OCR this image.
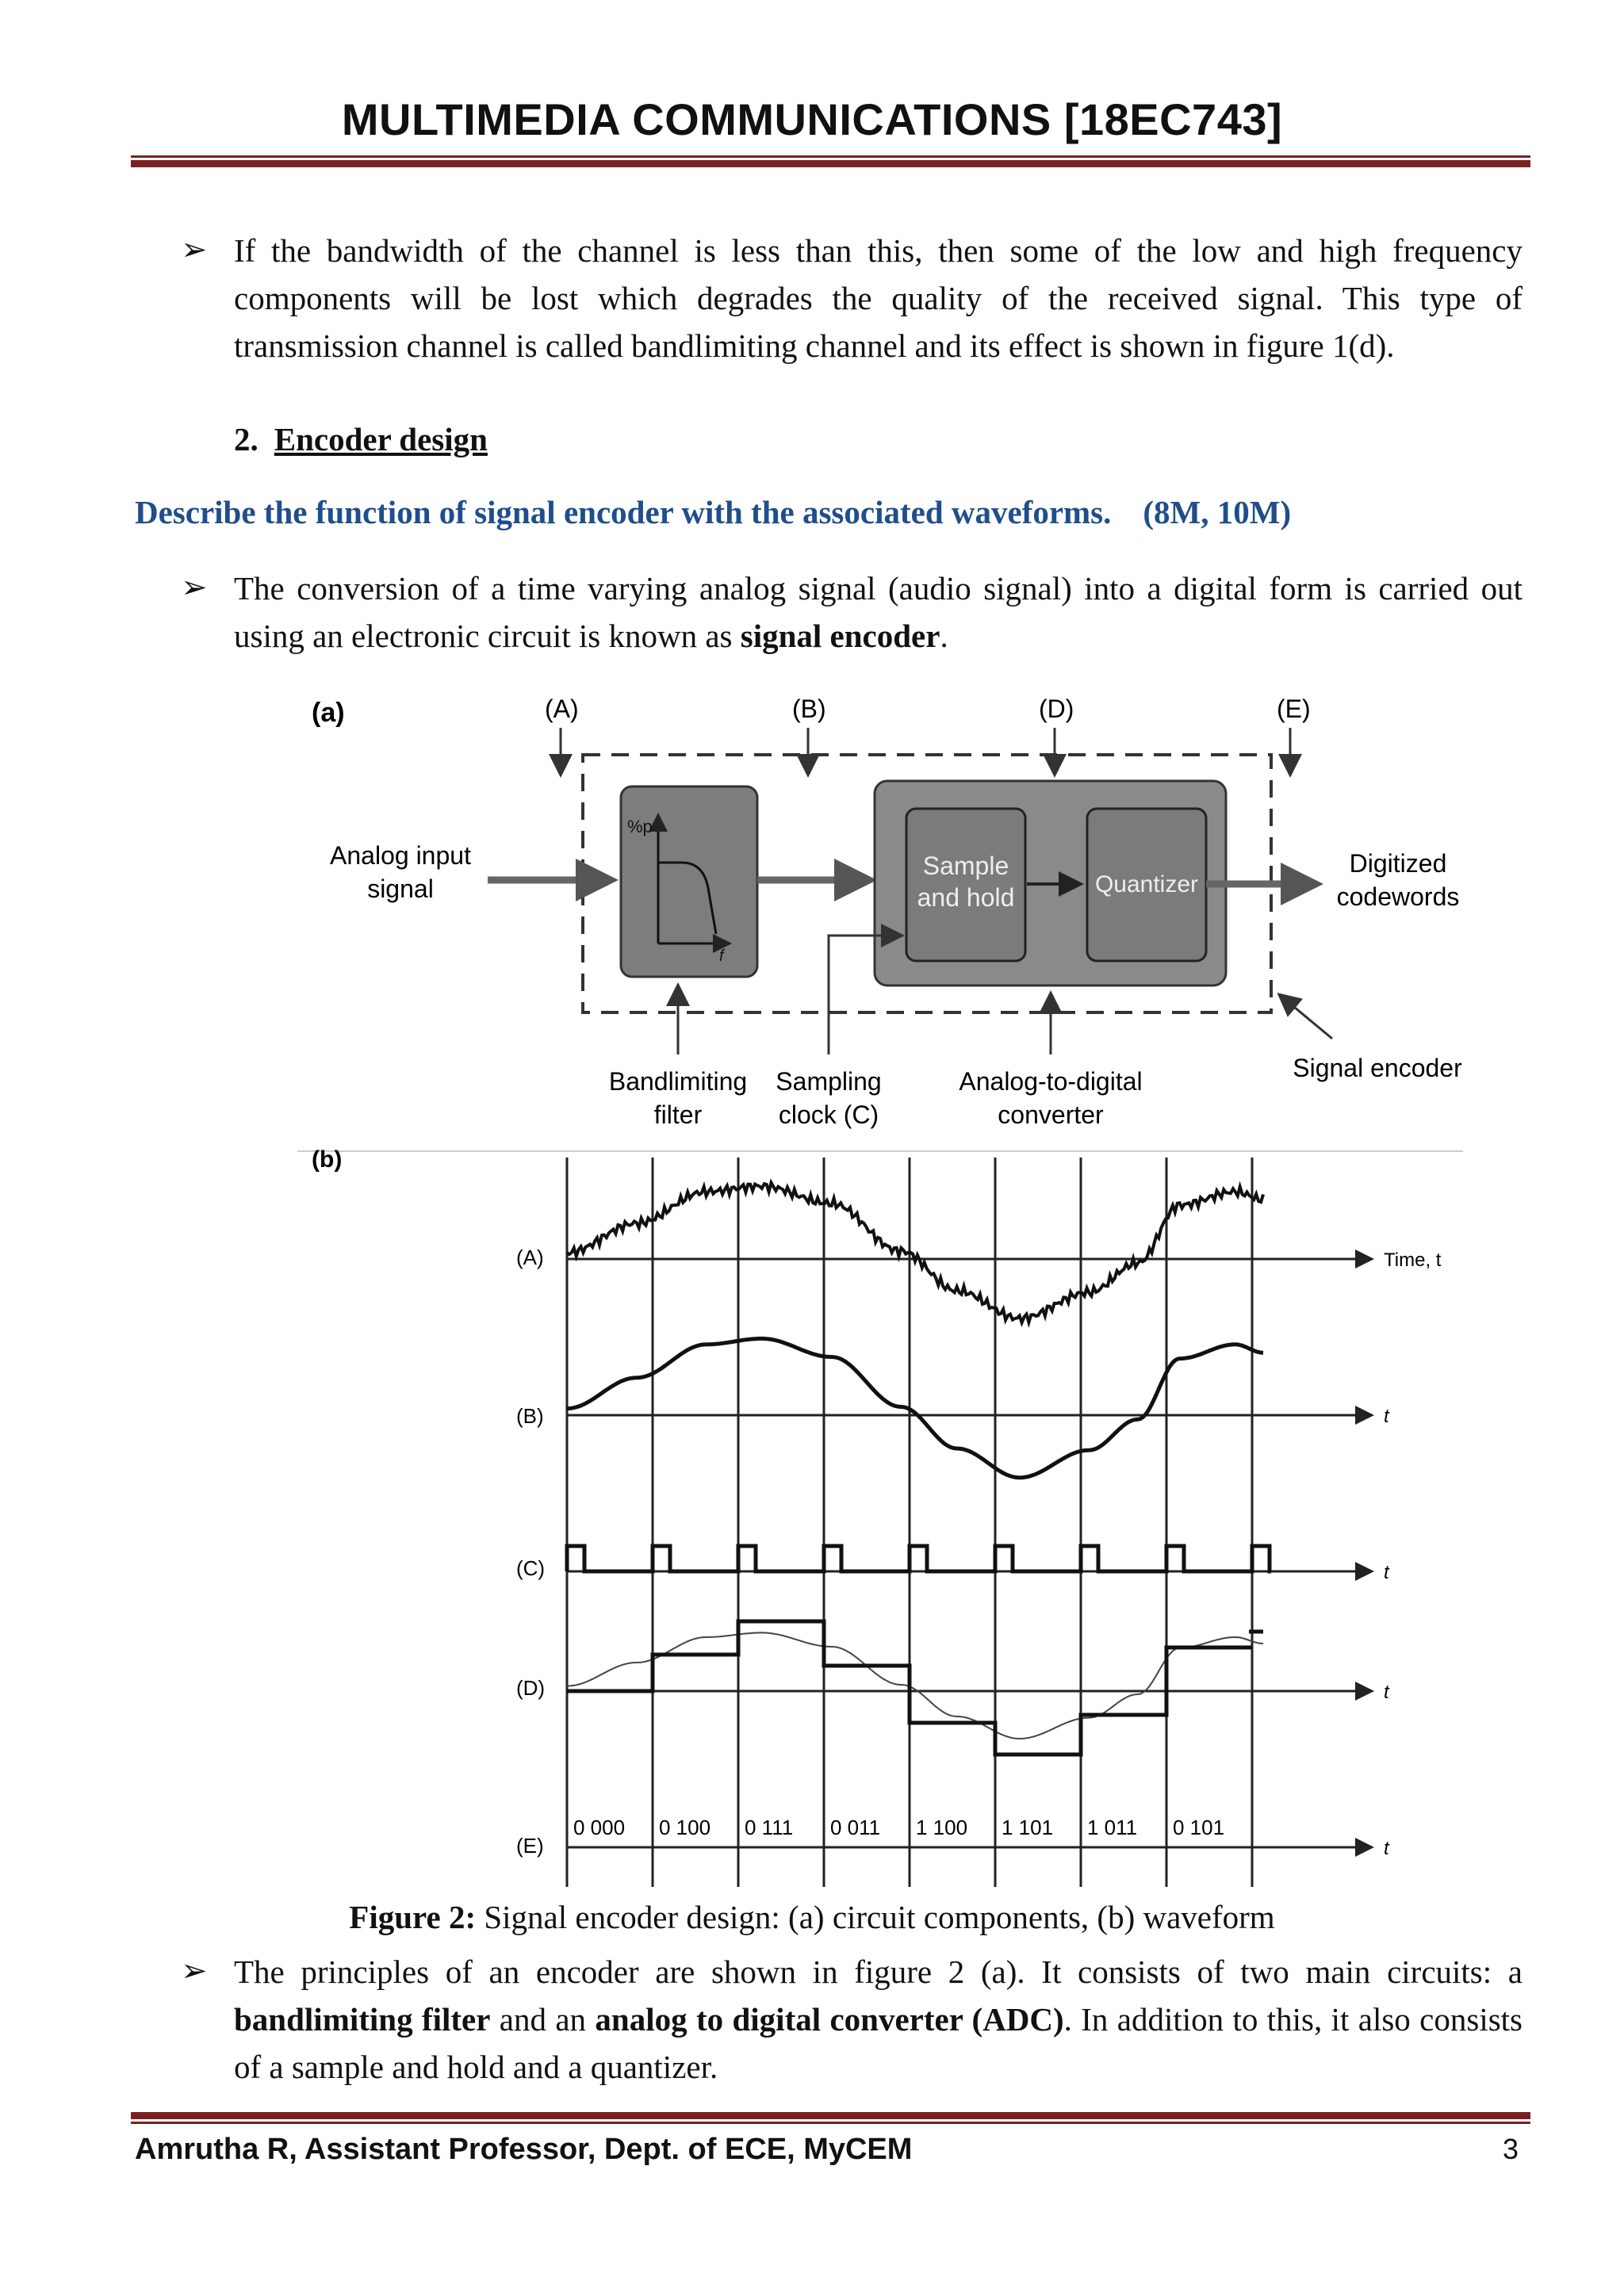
MULTIMEDIA COMMUNICATIONS [18EC743]
➢ If the bandwidth of the channel is less than this, then some of the low and high frequency components will be lost which degrades the quality of the received signal. This type of transmission channel is called bandlimiting channel and its effect is shown in figure 1(d).
2. Encoder design
Describe the function of signal encoder with the associated waveforms. (8M, 10M)
➢ The conversion of a time varying analog signal (audio signal) into a digital form is carried out using an electronic circuit is known as signal encoder.
(a)	(A)	(B)	(D)	(E)
Analog input
signal
%p
f
Sample
and hold	Quantizer
Digitized
codewords
Signal encoder
Bandlimiting
filter
Sampling
clock (C)
Analog-to-digital
converter
(b)
(A)
(B)
(C)
(D)
(E)
Time, t
t
t
t
t
0 000 0 100 0 111 0 011 1 100 1 101 1 011 0 101
Figure 2: Signal encoder design: (a) circuit components, (b) waveform
➢ The principles of an encoder are shown in figure 2 (a). It consists of two main circuits: a bandlimiting filter and an analog to digital converter (ADC). In addition to this, it also consists of a sample and hold and a quantizer.
Amrutha R, Assistant Professor, Dept. of ECE, MyCEM	3
